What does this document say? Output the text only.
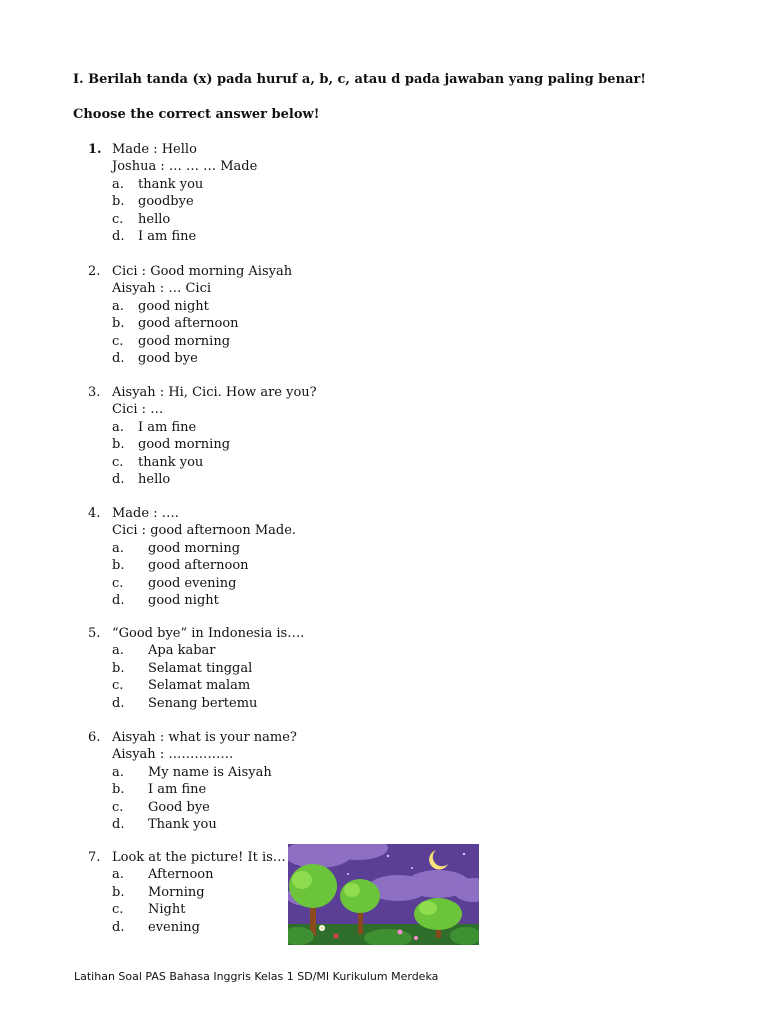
I. Berilah tanda (x) pada huruf a, b, c, atau d pada jawaban yang paling benar!
Choose the correct answer below!
1. Made : Hello
Joshua : … … … Made
a. thank you
b. goodbye
c. hello
d. I am fine
2. Cici : Good morning Aisyah
Aisyah : … Cici
a. good night
b. good afternoon
c. good morning
d. good bye
3. Aisyah : Hi, Cici. How are you?
Cici : …
a. I am fine
b. good morning
c. thank you
d. hello
4. Made : ….
Cici : good afternoon Made.
a. good morning
b. good afternoon
c. good evening
d. good night
5. “Good bye” in Indonesia is….
a. Apa kabar
b. Selamat tinggal
c. Selamat malam
d. Senang bertemu
6. Aisyah : what is your name?
Aisyah : ……………
a. My name is Aisyah
b. I am fine
c. Good bye
d. Thank you
7. Look at the picture! It is…
a. Afternoon
b. Morning
c. Night
d. evening
Latihan Soal PAS Bahasa Inggris Kelas 1 SD/MI Kurikulum Merdeka
